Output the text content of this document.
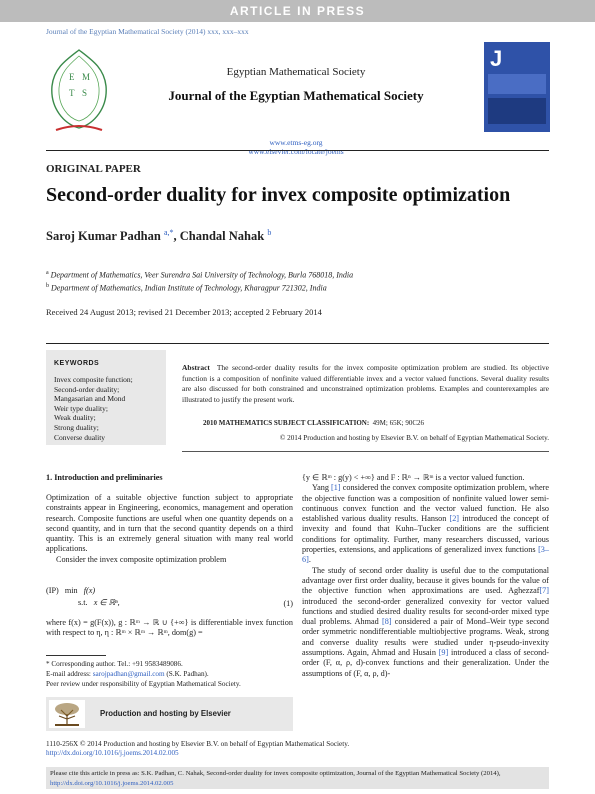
ARTICLE IN PRESS
Journal of the Egyptian Mathematical Society (2014) xxx, xxx–xxx
E M
T S
Egyptian Mathematical Society
Journal of the Egyptian Mathematical Society
www.etms-eg.org
www.elsevier.com/locate/joems
J
ORIGINAL PAPER
Second-order duality for invex composite optimization
Saroj Kumar Padhan $^{a,*}$, Chandal Nahak $^b$
$^a$ Department of Mathematics, Veer Surendra Sai University of Technology, Burla 768018, India
$^b$ Department of Mathematics, Indian Institute of Technology, Kharagpur 721302, India
Received 24 August 2013; revised 21 December 2013; accepted 2 February 2014
KEYWORDS
Invex composite function;
Second-order duality;
Mangasarian and Mond
Weir type duality;
Weak duality;
Strong duality;
Converse duality
Abstract The second-order duality results for the invex composite optimization problem are studied. Its objective function is a composition of nonfinite valued differentiable invex and a vector valued functions. Several duality results are also discussed for both constrained and unconstrained optimization problems. Examples and counterexamples are illustrated to justify the present work.
2010 MATHEMATICS SUBJECT CLASSIFICATION: 49M; 65K; 90C26
© 2014 Production and hosting by Elsevier B.V. on behalf of Egyptian Mathematical Society.
1. Introduction and preliminaries

Optimization of a suitable objective function subject to appropriate constraints appear in Engineering, economics, management and operation research. Composite functions are useful when one quantity depends on a second quantity, and in turn that the second quantity depends on a third quantity. This is an extremely general situation with many real world applications.

Consider the invex composite optimization problem

(IP) min f(x)
s.t. x ∈ ℝⁿ,	(1)

where f(x) = g(F(x)), g : ℝᵐ → ℝ ∪ {+∞} is differentiable invex function with respect to η, η : ℝᵐ × ℝᵐ → ℝᵐ, dom(g) =

{y ∈ ℝᵐ : g(y) < +∞} and F : ℝⁿ → ℝᵐ is a vector valued function.

Yang [1] considered the convex composite optimization problem, where the objective function was a composition of nonfinite valued lower semi-continuous convex function and the vector valued function. He also established various duality results. Hanson [2] introduced the concept of invexity and found that Kuhn–Tucker conditions are the sufficient conditions for optimality. Further, many researchers discussed, various properties, extensions, and applications of generalized invex functions [3–6].

The study of second order duality is useful due to the computational advantage over first order duality, because it gives bounds for the value of the objective function when approximations are used. Aghezzaf[7] introduced the second-order generalized convexity for vector valued functions and studied desired duality results for second-order mixed type dual problems. Ahmad [8] considered a pair of Mond–Weir type second order symmetric nondifferentiable multiobjective programs. Weak, strong and converse duality results were studied under η-pseudo-invexity assumptions. Again, Ahmad and Husain [9] introduced a class of second-order (F, α, ρ, d)-convex functions and their generalization. Under the assumptions of (F, α, ρ, d)-

* Corresponding author. Tel.: +91 9583489086.
E-mail address: sarojpadhan@gmail.com (S.K. Padhan).
Peer review under responsibility of Egyptian Mathematical Society.
Production and hosting by Elsevier
1110-256X © 2014 Production and hosting by Elsevier B.V. on behalf of Egyptian Mathematical Society.
http://dx.doi.org/10.1016/j.joems.2014.02.005
Please cite this article in press as: S.K. Padhan, C. Nahak, Second-order duality for invex composite optimization, Journal of the Egyptian Mathematical Society (2014), http://dx.doi.org/10.1016/j.joems.2014.02.005
